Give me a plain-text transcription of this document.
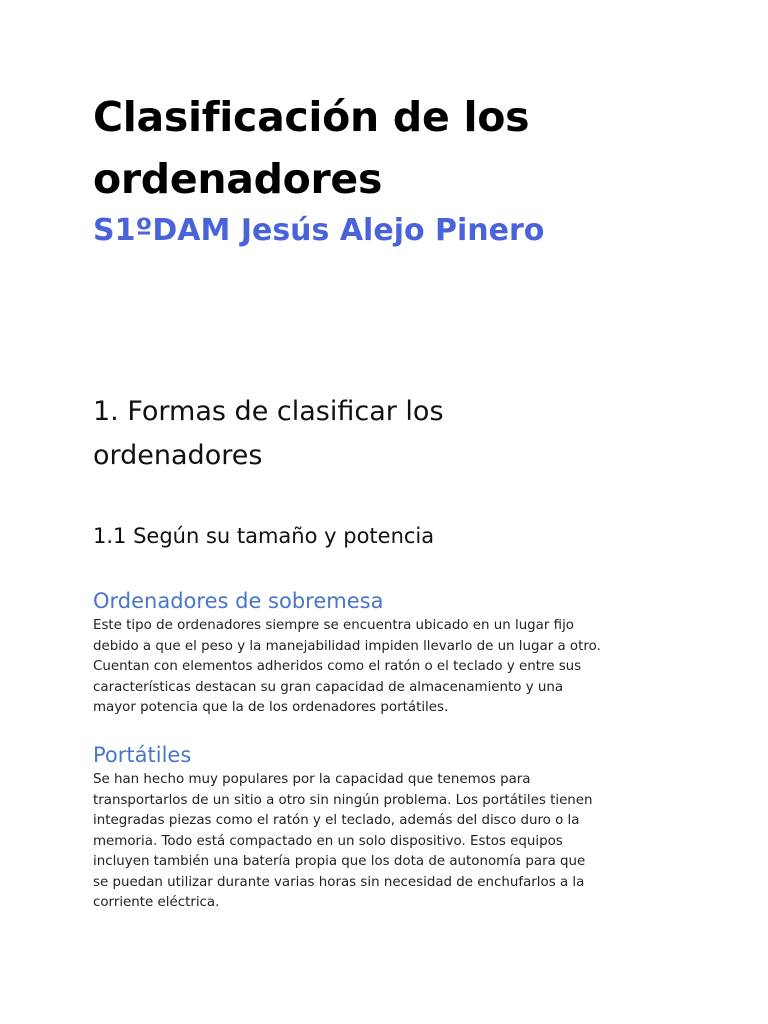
Clasificación de los
ordenadores
S1ºDAM Jesús Alejo Pinero
1. Formas de clasificar los
ordenadores
1.1 Según su tamaño y potencia
Ordenadores de sobremesa

Este tipo de ordenadores siempre se encuentra ubicado en un lugar fijo
debido a que el peso y la manejabilidad impiden llevarlo de un lugar a otro.
Cuentan con elementos adheridos como el ratón o el teclado y entre sus
características destacan su gran capacidad de almacenamiento y una
mayor potencia que la de los ordenadores portátiles.

Portátiles

Se han hecho muy populares por la capacidad que tenemos para
transportarlos de un sitio a otro sin ningún problema. Los portátiles tienen
integradas piezas como el ratón y el teclado, además del disco duro o la
memoria. Todo está compactado en un solo dispositivo. Estos equipos
incluyen también una batería propia que los dota de autonomía para que
se puedan utilizar durante varias horas sin necesidad de enchufarlos a la
corriente eléctrica.
